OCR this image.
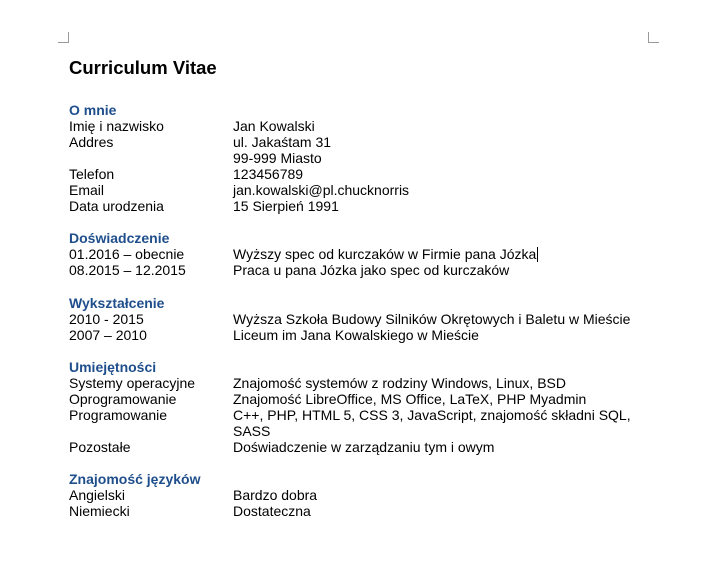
Curriculum Vitae
O mnie
Imię i nazwisko	Jan Kowalski
Addres	ul. Jakaśtam 31
99-999 Miasto
Telefon	123456789
Email	jan.kowalski@pl.chucknorris
Data urodzenia	15 Sierpień 1991
Doświadczenie
01.2016 – obecnie	Wyższy spec od kurczaków w Firmie pana Józka
08.2015 – 12.2015	Praca u pana Józka jako spec od kurczaków
Wykształcenie
2010 - 2015	Wyższa Szkoła Budowy Silników Okrętowych i Baletu w Mieście
2007 – 2010	Liceum im Jana Kowalskiego w Mieście
Umiejętności
Systemy operacyjne	Znajomość systemów z rodziny Windows, Linux, BSD
Oprogramowanie	Znajomość LibreOffice, MS Office, LaTeX, PHP Myadmin
Programowanie	C++, PHP, HTML 5, CSS 3, JavaScript, znajomość składni SQL, SASS
Pozostałe	Doświadczenie w zarządzaniu tym i owym
Znajomość języków
Angielski	Bardzo dobra
Niemiecki	Dostateczna
